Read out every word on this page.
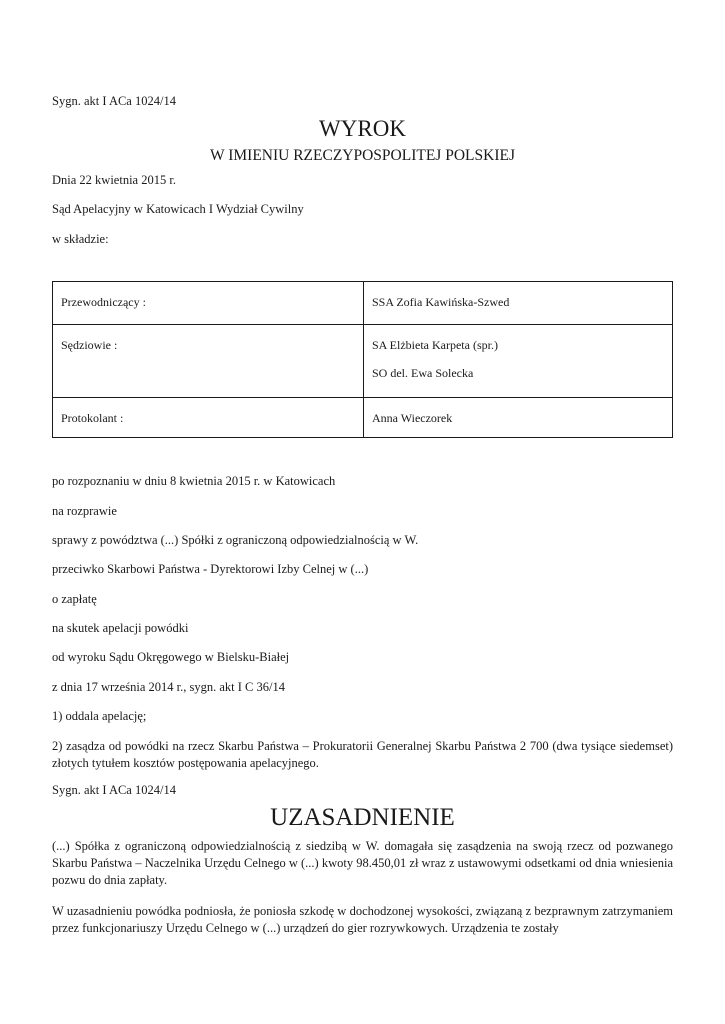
Sygn. akt I ACa 1024/14

WYROK
W IMIENIU RZECZYPOSPOLITEJ POLSKIEJ

Dnia 22 kwietnia 2015 r.

Sąd Apelacyjny w Katowicach I Wydział Cywilny

w składzie:

Przewodniczący :	SSA Zofia Kawińska-Szwed
Sędziowie :	SA Elżbieta Karpeta (spr.)
SO del. Ewa Solecka

Protokolant :	Anna Wieczorek

po rozpoznaniu w dniu 8 kwietnia 2015 r. w Katowicach

na rozprawie

sprawy z powództwa (...) Spółki z ograniczoną odpowiedzialnością w W.

przeciwko Skarbowi Państwa - Dyrektorowi Izby Celnej w (...)

o zapłatę

na skutek apelacji powódki

od wyroku Sądu Okręgowego w Bielsku-Białej

z dnia 17 września 2014 r., sygn. akt I C 36/14

1) oddala apelację;

2) zasądza od powódki na rzecz Skarbu Państwa – Prokuratorii Generalnej Skarbu Państwa 2 700 (dwa tysiące siedemset) złotych tytułem kosztów postępowania apelacyjnego.

Sygn. akt I ACa 1024/14

UZASADNIENIE

(...) Spółka z ograniczoną odpowiedzialnością z siedzibą w W. domagała się zasądzenia na swoją rzecz od pozwanego Skarbu Państwa – Naczelnika Urzędu Celnego w (...) kwoty 98.450,01 zł wraz z ustawowymi odsetkami od dnia wniesienia pozwu do dnia zapłaty.

W uzasadnieniu powódka podniosła, że poniosła szkodę w dochodzonej wysokości, związaną z bezprawnym zatrzymaniem przez funkcjonariuszy Urzędu Celnego w (...) urządzeń do gier rozrywkowych. Urządzenia te zostały
